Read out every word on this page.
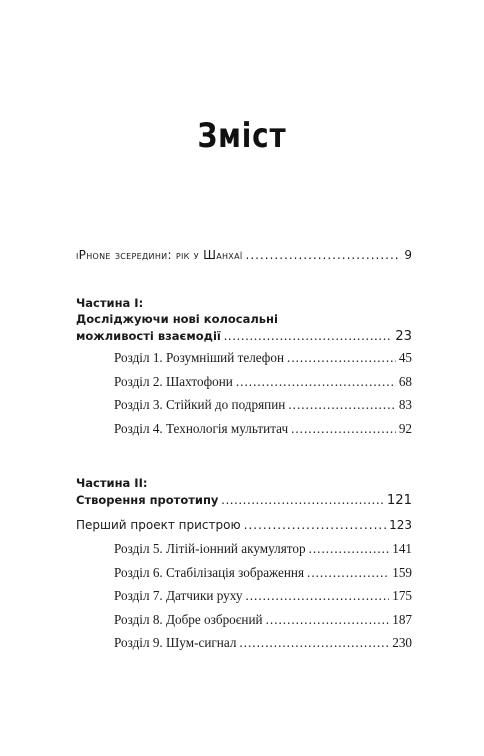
Зміст
iPhone зсередини: рік у Шанхаї .....	9
Частина I:
Досліджуючи нові колосальні
можливості взаємодії .....	23
Розділ 1. Розумніший телефон .....	45
Розділ 2. Шахтофони .....	68
Розділ 3. Стійкий до подряпин .....	83
Розділ 4. Технологія мультитач .....	92
Частина II:
Створення прототипу .....	121
Перший проект пристрою .....	123
Розділ 5. Літій-іонний акумулятор .....	141
Розділ 6. Стабілізація зображення .....	159
Розділ 7. Датчики руху .....	175
Розділ 8. Добре озброєний .....	187
Розділ 9. Шум-сигнал .....	230
